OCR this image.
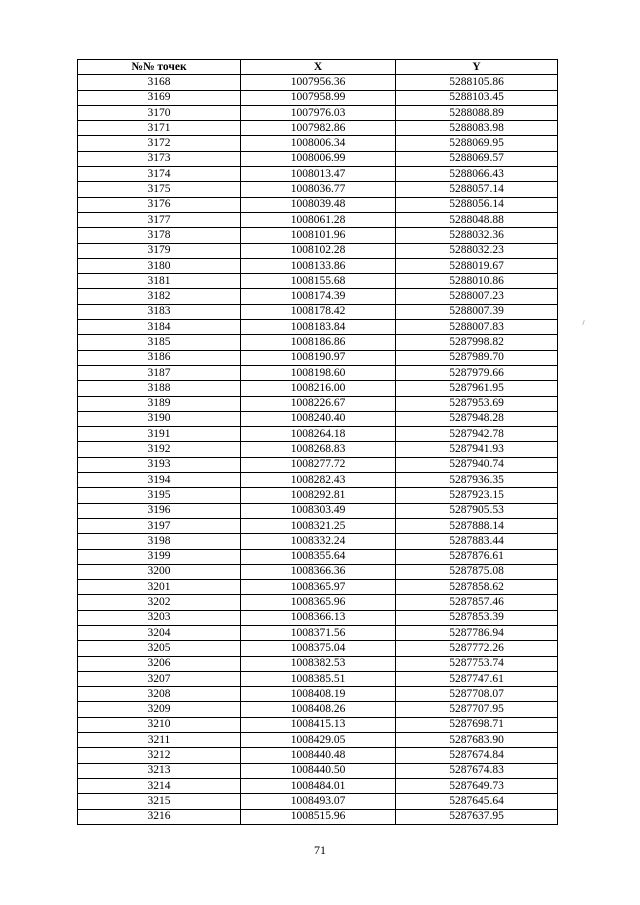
№№ точек	X	Y
3168	1007956.36	5288105.86
3169	1007958.99	5288103.45
3170	1007976.03	5288088.89
3171	1007982.86	5288083.98
3172	1008006.34	5288069.95
3173	1008006.99	5288069.57
3174	1008013.47	5288066.43
3175	1008036.77	5288057.14
3176	1008039.48	5288056.14
3177	1008061.28	5288048.88
3178	1008101.96	5288032.36
3179	1008102.28	5288032.23
3180	1008133.86	5288019.67
3181	1008155.68	5288010.86
3182	1008174.39	5288007.23
3183	1008178.42	5288007.39
3184	1008183.84	5288007.83
3185	1008186.86	5287998.82
3186	1008190.97	5287989.70
3187	1008198.60	5287979.66
3188	1008216.00	5287961.95
3189	1008226.67	5287953.69
3190	1008240.40	5287948.28
3191	1008264.18	5287942.78
3192	1008268.83	5287941.93
3193	1008277.72	5287940.74
3194	1008282.43	5287936.35
3195	1008292.81	5287923.15
3196	1008303.49	5287905.53
3197	1008321.25	5287888.14
3198	1008332.24	5287883.44
3199	1008355.64	5287876.61
3200	1008366.36	5287875.08
3201	1008365.97	5287858.62
3202	1008365.96	5287857.46
3203	1008366.13	5287853.39
3204	1008371.56	5287786.94
3205	1008375.04	5287772.26
3206	1008382.53	5287753.74
3207	1008385.51	5287747.61
3208	1008408.19	5287708.07
3209	1008408.26	5287707.95
3210	1008415.13	5287698.71
3211	1008429.05	5287683.90
3212	1008440.48	5287674.84
3213	1008440.50	5287674.83
3214	1008484.01	5287649.73
3215	1008493.07	5287645.64
3216	1008515.96	5287637.95
71
